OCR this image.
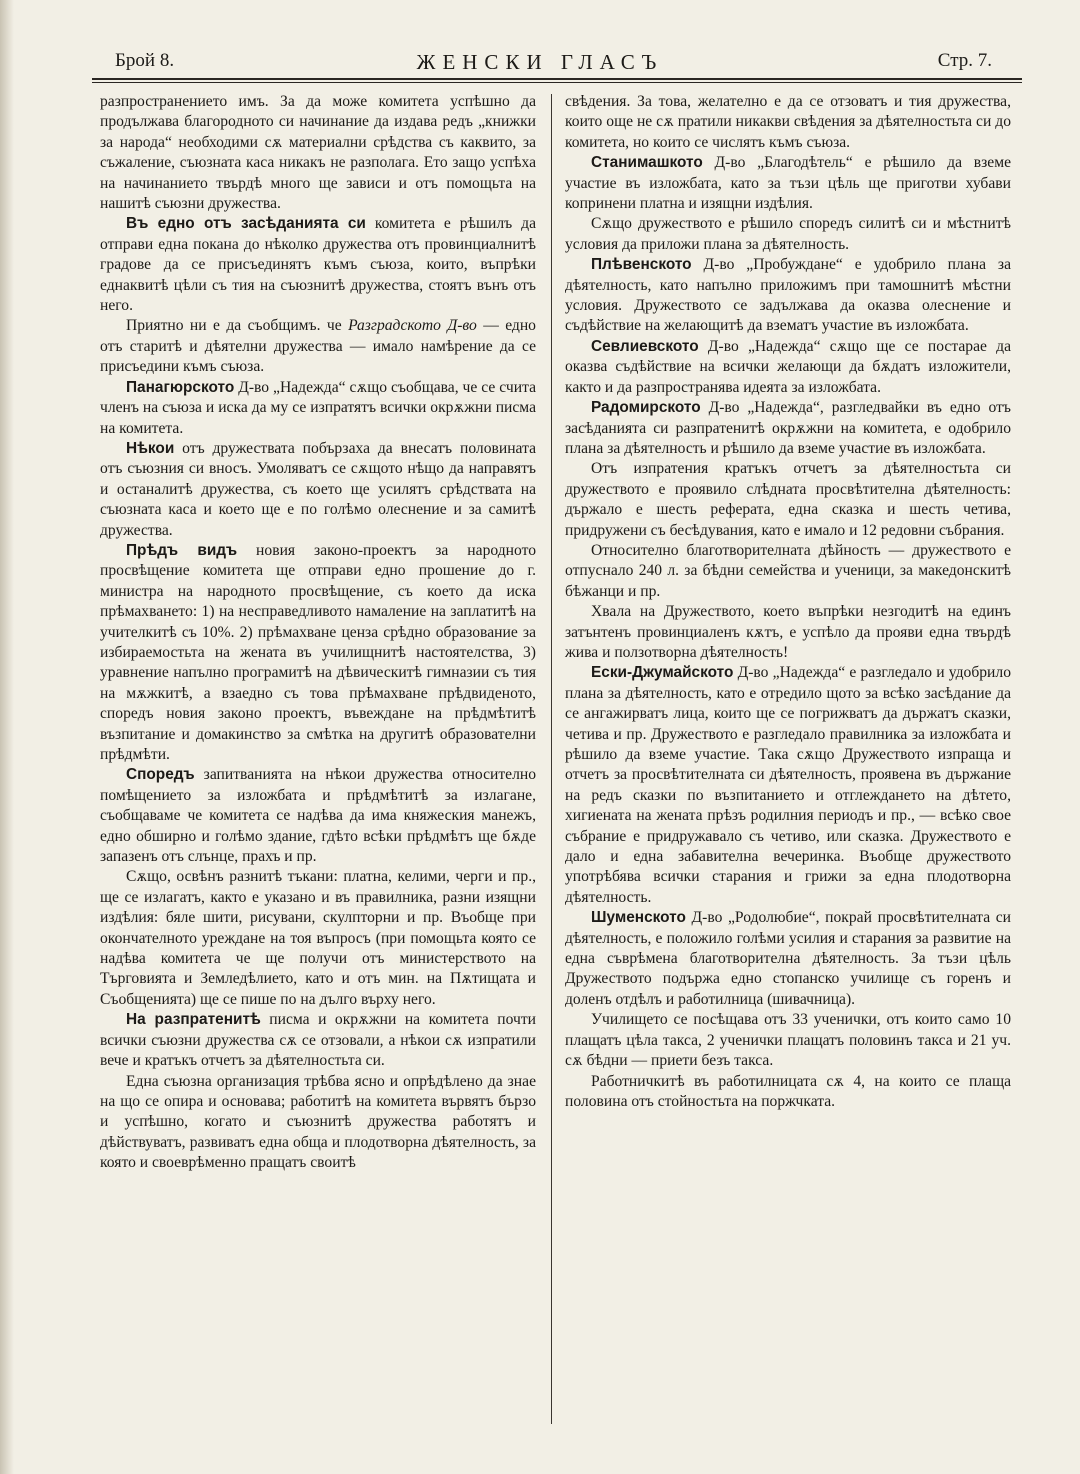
Брой 8.	ЖЕНСКИ ГЛАСЪ	Стр. 7.

разпространението имъ. За да може комитета успѣшно да продължава благородното си начинание да издава редъ „книжки за народа“ необходими сѫ материални срѣдства съ каквито, за съжаление, съюзната каса никакъ не разполага. Ето защо успѣха на начинанието твърдѣ много ще зависи и отъ помощьта на нашитѣ съюзни дружества.

Въ едно отъ засѣданията си комитета е рѣшилъ да отправи една покана до нѣколко дружества отъ провинциалнитѣ градове да се присъединятъ къмъ съюза, които, въпрѣки еднаквитѣ цѣли съ тия на съюзнитѣ дружества, стоятъ вънъ отъ него.

Приятно ни е да съобщимъ. че Разградското Д-во — едно отъ старитѣ и дѣятелни дружества — имало намѣрение да се присъедини къмъ съюза.

Панагюрското Д-во „Надежда“ сѫщо съобщава, че се счита членъ на съюза и иска да му се изпратятъ всички окрѫжни писма на комитета.

Нѣкои отъ дружествата побързаха да внесатъ половината отъ съюзния си вносъ. Умоляватъ се сѫщото нѣщо да направятъ и останалитѣ дружества, съ което ще усилятъ срѣдствата на съюзната каса и което ще е по голѣмо олеснение и за самитѣ дружества.

Прѣдъ видъ новия законо-проектъ за народното просвѣщение комитета ще отправи едно прошение до г. министра на народното просвѣщение, съ което да иска прѣмахването: 1) на несправедливото намаление на заплатитѣ на учителкитѣ съ 10%. 2) прѣмахване ценза срѣдно образование за избираемостьта на жената въ училищнитѣ настоятелства, 3) уравнение напълно програмитѣ на дѣвическитѣ гимназии съ тия на мѫжкитѣ, а взаедно съ това прѣмахване прѣдвиденото, споредъ новия законо проектъ, въвеждане на прѣдмѣтитѣ възпитание и домакинство за смѣтка на другитѣ образователни прѣдмѣти.

Споредъ запитванията на нѣкои дружества относително помѣщението за изложбата и прѣдмѣтитѣ за излагане, съобщаваме че комитета се надѣва да има княжеския манежъ, едно обширно и голѣмо здание, гдѣто всѣки прѣдмѣтъ ще бѫде запазенъ отъ слънце, прахъ и пр.

Сѫщо, освѣнъ разнитѣ тъкани: платна, келими, черги и пр., ще се излагатъ, както е указано и въ правилника, разни изящни издѣлия: бяле шити, рисувани, скулпторни и пр. Въобще при окончателното уреждане на тоя въпросъ (при помощьта която се надѣва комитета че ще получи отъ министерството на Търговията и Земледѣлието, като и отъ мин. на Пѫтищата и Съобщенията) ще се пише по на дълго върху него.

На разпратенитѣ писма и окрѫжни на комитета почти всички съюзни дружества сѫ се отзовали, а нѣкои сѫ изпратили вече и кратъкъ отчетъ за дѣятелностьта си.

Една съюзна организация трѣбва ясно и опрѣдѣлено да знае на що се опира и основава; работитѣ на комитета вървятъ бързо и успѣшно, когато и съюзнитѣ дружества работятъ и дѣйствуватъ, развиватъ една обща и плодотворна дѣятелность, за която и своеврѣменно пращатъ своитѣ

свѣдения. За това, желателно е да се отзоватъ и тия дружества, които още не сѫ пратили никакви свѣдения за дѣятелностьта си до комитета, но които се числятъ къмъ съюза.

Станимашкото Д-во „Благодѣтель“ е рѣшило да вземе участие въ изложбата, като за тъзи цѣль ще приготви хубави копринени платна и изящни издѣлия.

Сѫщо дружеството е рѣшило споредъ силитѣ си и мѣстнитѣ условия да приложи плана за дѣятелность.

Плѣвенското Д-во „Пробуждане“ е удобрило плана за дѣятелность, като напълно приложимъ при тамошнитѣ мѣстни условия. Дружеството се задължава да оказва олеснение и съдѣйствие на желающитѣ да взематъ участие въ изложбата.

Севлиевското Д-во „Надежда“ сѫщо ще се постарае да оказва съдѣйствие на всички желающи да бѫдатъ изложители, както и да разпространява идеята за изложбата.

Радомирското Д-во „Надежда“, разгледвайки въ едно отъ засѣданията си разпратенитѣ окрѫжни на комитета, е одобрило плана за дѣятелность и рѣшило да вземе участие въ изложбата.

Отъ изпратения кратъкъ отчетъ за дѣятелностьта си дружеството е проявило слѣдната просвѣтителна дѣятелность: държало е шесть реферата, една сказка и шесть четива, придружени съ бесѣдувания, като е имало и 12 редовни събрания.

Относително благотворителната дѣйность — дружеството е отпуснало 240 л. за бѣдни семейства и ученици, за македонскитѣ бѣжанци и пр.

Хвала на Дружеството, което въпрѣки незгодитѣ на единъ затънтенъ провинциаленъ кѫтъ, е успѣло да прояви една твърдѣ жива и ползотворна дѣятелность!

Ески-Джумайското Д-во „Надежда“ е разгледало и удобрило плана за дѣятелность, като е отредило щото за всѣко засѣдание да се ангажирватъ лица, които ще се погрижватъ да държатъ сказки, четива и пр. Дружеството е разгледало правилника за изложбата и рѣшило да вземе участие. Така сѫщо Дружеството изпраща и отчетъ за просвѣтителната си дѣятелность, проявена въ държание на редъ сказки по възпитанието и отглеждането на дѣтето, хигиената на жената прѣзъ родилния периодъ и пр., — всѣко свое събрание е придружавало съ четиво, или сказка. Дружеството е дало и една забавителна вечеринка. Въобще дружеството употрѣбява всички старания и грижи за една плодотворна дѣятелность.

Шуменското Д-во „Родолюбие“, покрай просвѣтителната си дѣятелность, е положило голѣми усилия и старания за развитие на една съврѣмена благотворителна дѣятелность. За тъзи цѣль Дружеството подържа едно стопанско училище съ горенъ и доленъ отдѣлъ и работилница (шивачница).

Училището се посѣщава отъ 33 ученички, отъ които само 10 плащатъ цѣла такса, 2 ученички плащатъ половинъ такса и 21 уч. сѫ бѣдни — приети безъ такса.

Работничкитѣ въ работилницата сѫ 4, на които се плаща половина отъ стойностьта на поржчката.
